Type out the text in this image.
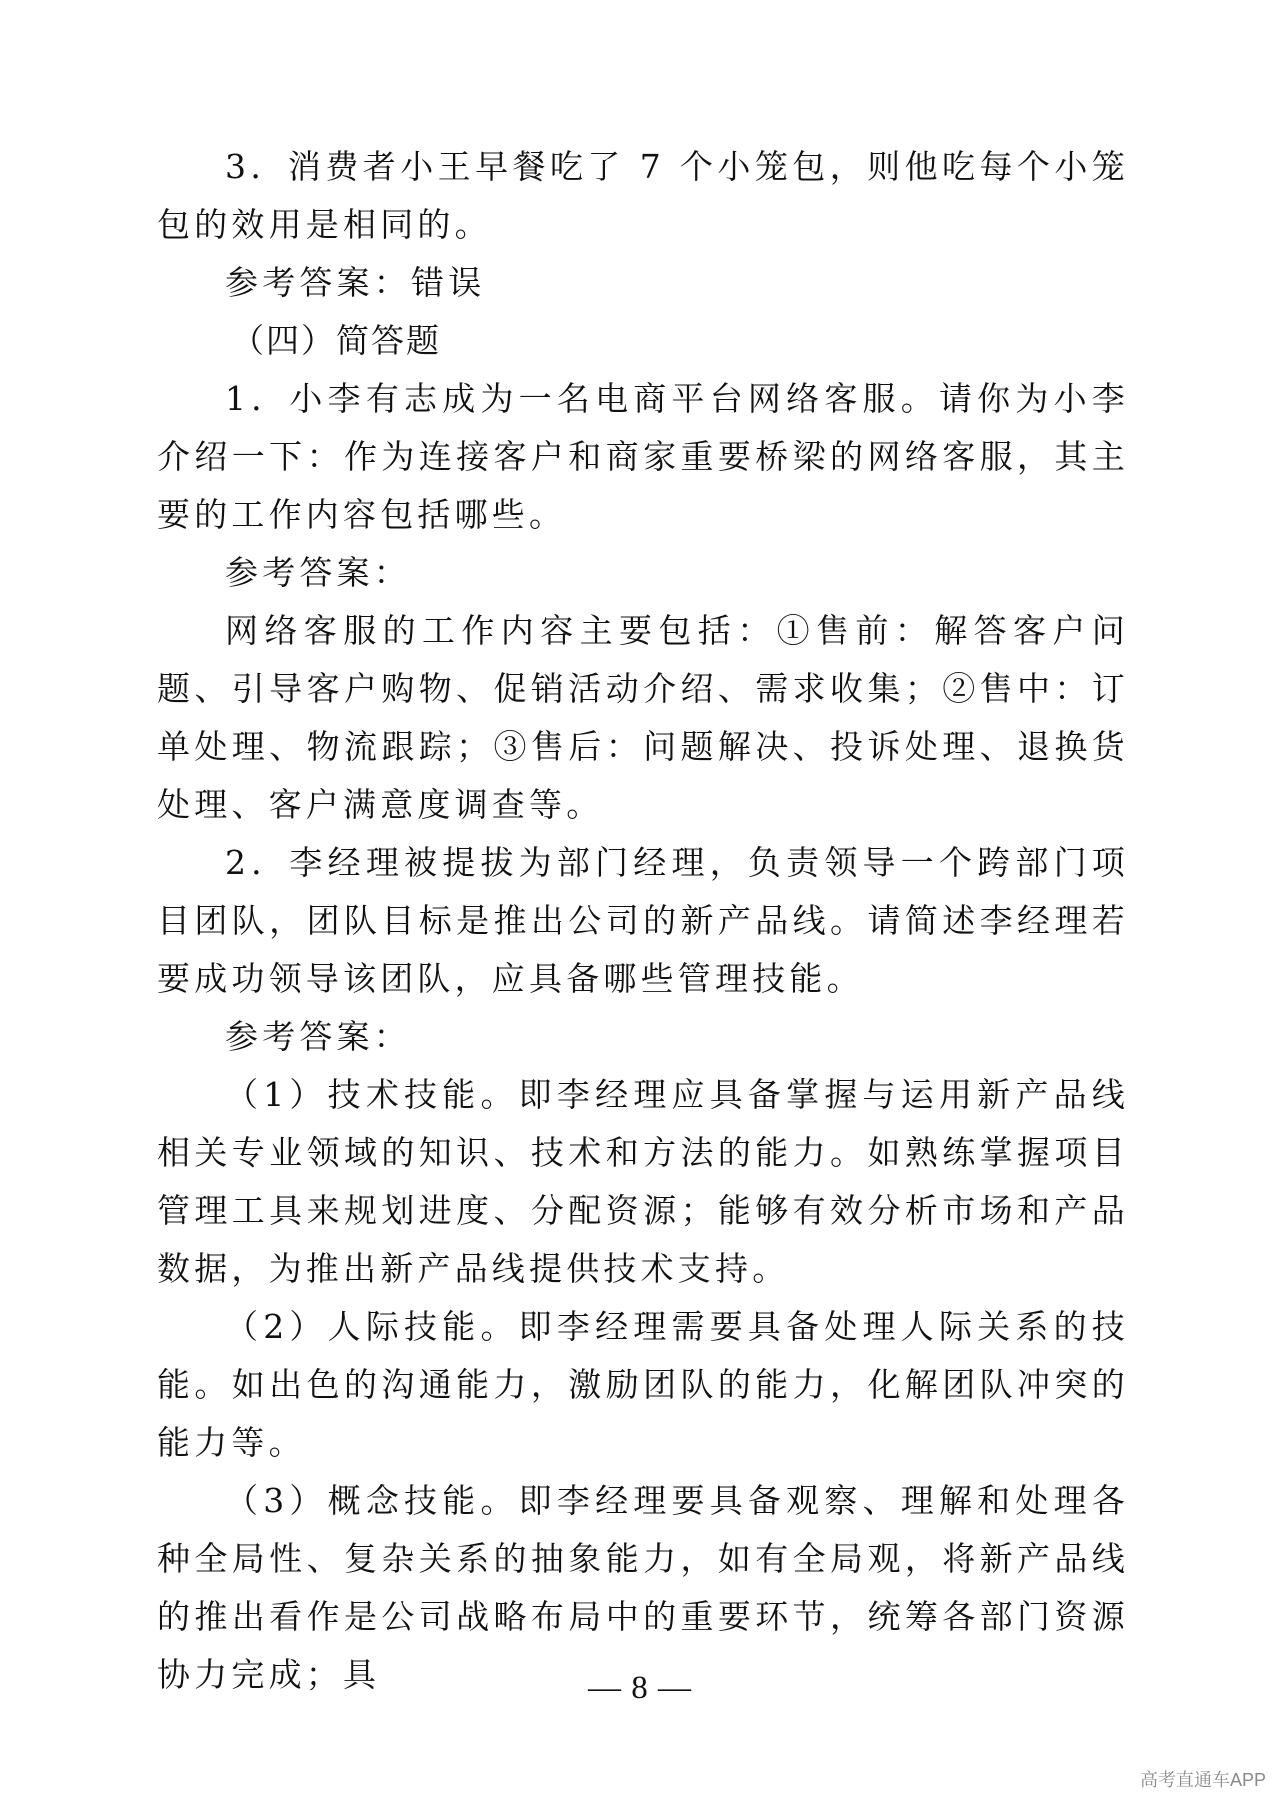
3．消费者小王早餐吃了 7 个小笼包，则他吃每个小笼包的效用是相同的。

参考答案：错误

（四）简答题

1．小李有志成为一名电商平台网络客服。请你为小李介绍一下：作为连接客户和商家重要桥梁的网络客服，其主要的工作内容包括哪些。

参考答案：

网络客服的工作内容主要包括：①售前：解答客户问题、引导客户购物、促销活动介绍、需求收集；②售中：订单处理、物流跟踪；③售后：问题解决、投诉处理、退换货处理、客户满意度调查等。

2．李经理被提拔为部门经理，负责领导一个跨部门项目团队，团队目标是推出公司的新产品线。请简述李经理若要成功领导该团队，应具备哪些管理技能。

参考答案：

（1）技术技能。即李经理应具备掌握与运用新产品线相关专业领域的知识、技术和方法的能力。如熟练掌握项目管理工具来规划进度、分配资源；能够有效分析市场和产品数据，为推出新产品线提供技术支持。

（2）人际技能。即李经理需要具备处理人际关系的技能。如出色的沟通能力，激励团队的能力，化解团队冲突的能力等。

（3）概念技能。即李经理要具备观察、理解和处理各种全局性、复杂关系的抽象能力，如有全局观，将新产品线的推出看作是公司战略布局中的重要环节，统筹各部门资源协力完成；具	— 8 —
高考直通车APP
